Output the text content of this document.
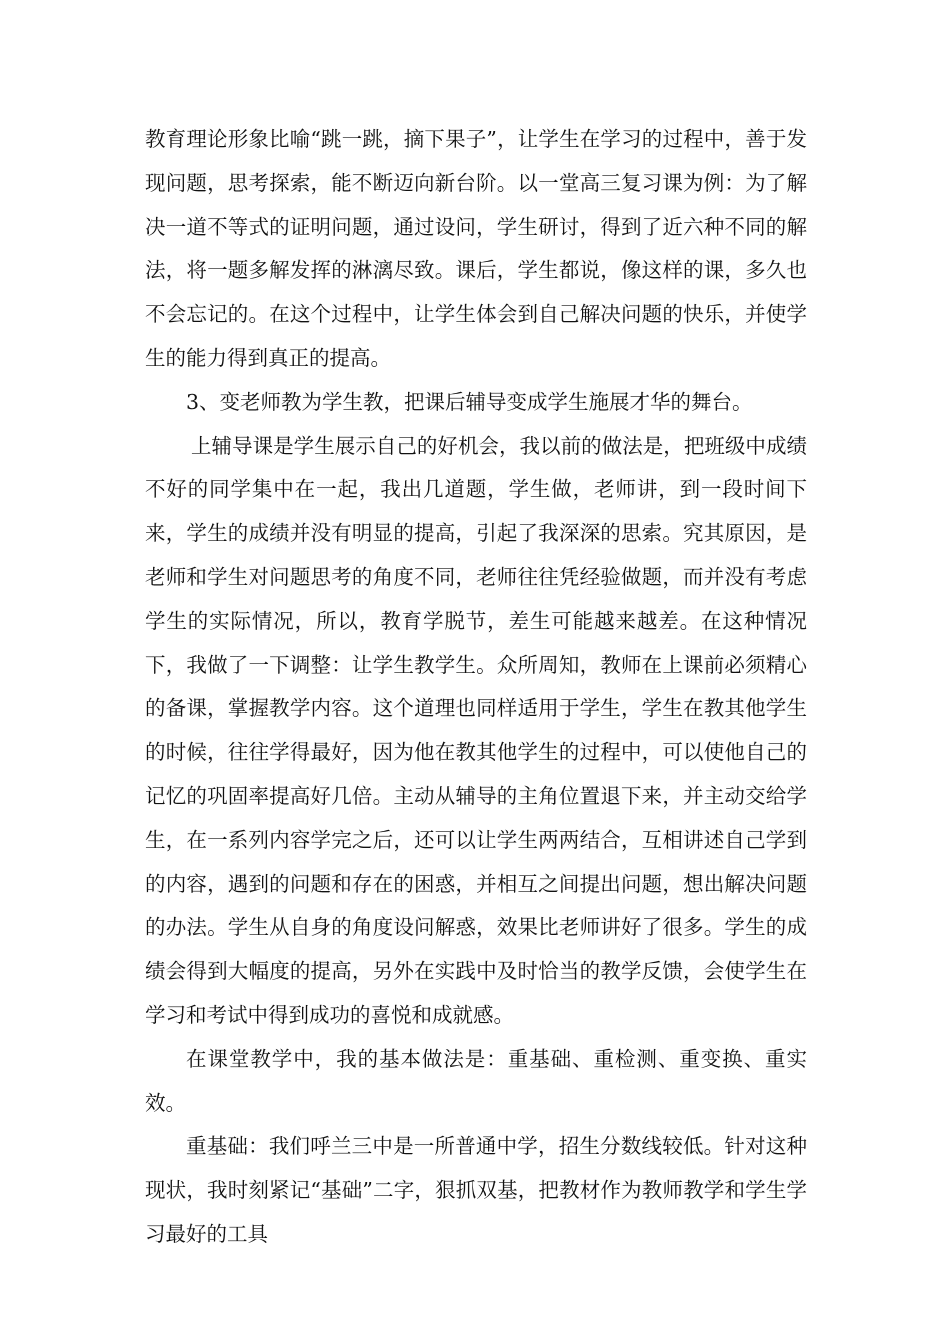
教育理论形象比喻“跳一跳，摘下果子”，让学生在学习的过程中，善于发现问题，思考探索，能不断迈向新台阶。以一堂高三复习课为例：为了解决一道不等式的证明问题，通过设问，学生研讨，得到了近六种不同的解法，将一题多解发挥的淋漓尽致。课后，学生都说，像这样的课，多久也不会忘记的。在这个过程中，让学生体会到自己解决问题的快乐，并使学生的能力得到真正的提高。

3、变老师教为学生教，把课后辅导变成学生施展才华的舞台。

上辅导课是学生展示自己的好机会，我以前的做法是，把班级中成绩不好的同学集中在一起，我出几道题，学生做，老师讲，到一段时间下来，学生的成绩并没有明显的提高，引起了我深深的思索。究其原因，是老师和学生对问题思考的角度不同，老师往往凭经验做题，而并没有考虑学生的实际情况，所以，教育学脱节，差生可能越来越差。在这种情况下，我做了一下调整：让学生教学生。众所周知，教师在上课前必须精心的备课，掌握教学内容。这个道理也同样适用于学生，学生在教其他学生的时候，往往学得最好，因为他在教其他学生的过程中，可以使他自己的记忆的巩固率提高好几倍。主动从辅导的主角位置退下来，并主动交给学生，在一系列内容学完之后，还可以让学生两两结合，互相讲述自己学到的内容，遇到的问题和存在的困惑，并相互之间提出问题，想出解决问题的办法。学生从自身的角度设问解惑，效果比老师讲好了很多。学生的成绩会得到大幅度的提高，另外在实践中及时恰当的教学反馈，会使学生在学习和考试中得到成功的喜悦和成就感。

在课堂教学中，我的基本做法是：重基础、重检测、重变换、重实效。

重基础：我们呼兰三中是一所普通中学，招生分数线较低。针对这种现状，我时刻紧记“基础”二字，狠抓双基，把教材作为教师教学和学生学习最好的工具
